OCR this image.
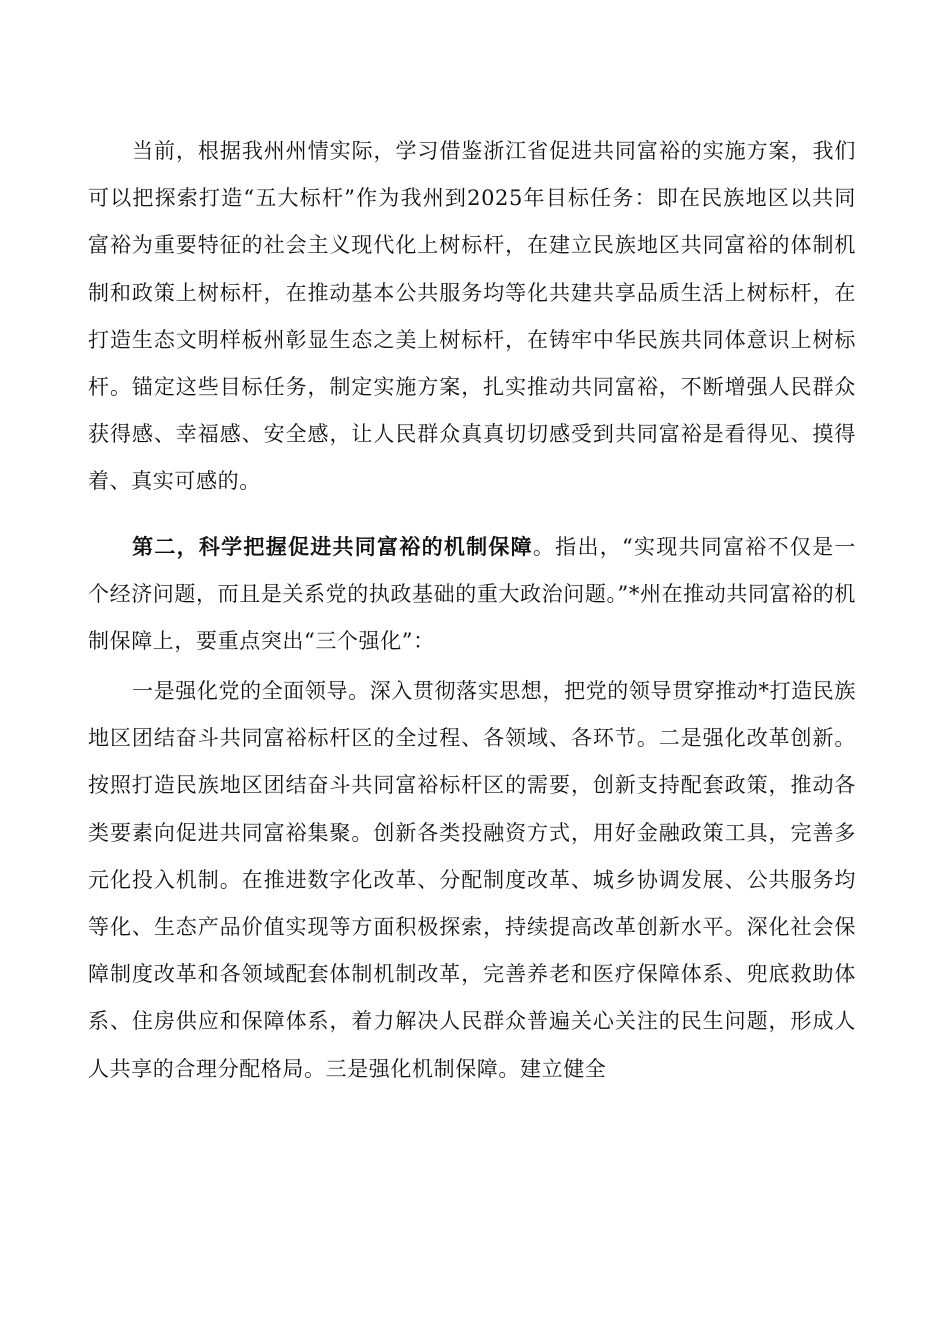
当前，根据我州州情实际，学习借鉴浙江省促进共同富裕的实施方案，我们可以把探索打造“五大标杆”作为我州到2025年目标任务：即在民族地区以共同富裕为重要特征的社会主义现代化上树标杆，在建立民族地区共同富裕的体制机制和政策上树标杆，在推动基本公共服务均等化共建共享品质生活上树标杆，在打造生态文明样板州彰显生态之美上树标杆，在铸牢中华民族共同体意识上树标杆。锚定这些目标任务，制定实施方案，扎实推动共同富裕，不断增强人民群众获得感、幸福感、安全感，让人民群众真真切切感受到共同富裕是看得见、摸得着、真实可感的。

第二，科学把握促进共同富裕的机制保障。指出，“实现共同富裕不仅是一个经济问题，而且是关系党的执政基础的重大政治问题。”*州在推动共同富裕的机制保障上，要重点突出“三个强化”：

一是强化党的全面领导。深入贯彻落实思想，把党的领导贯穿推动*打造民族地区团结奋斗共同富裕标杆区的全过程、各领域、各环节。二是强化改革创新。按照打造民族地区团结奋斗共同富裕标杆区的需要，创新支持配套政策，推动各类要素向促进共同富裕集聚。创新各类投融资方式，用好金融政策工具，完善多元化投入机制。在推进数字化改革、分配制度改革、城乡协调发展、公共服务均等化、生态产品价值实现等方面积极探索，持续提高改革创新水平。深化社会保障制度改革和各领域配套体制机制改革，完善养老和医疗保障体系、兜底救助体系、住房供应和保障体系，着力解决人民群众普遍关心关注的民生问题，形成人人共享的合理分配格局。三是强化机制保障。建立健全
